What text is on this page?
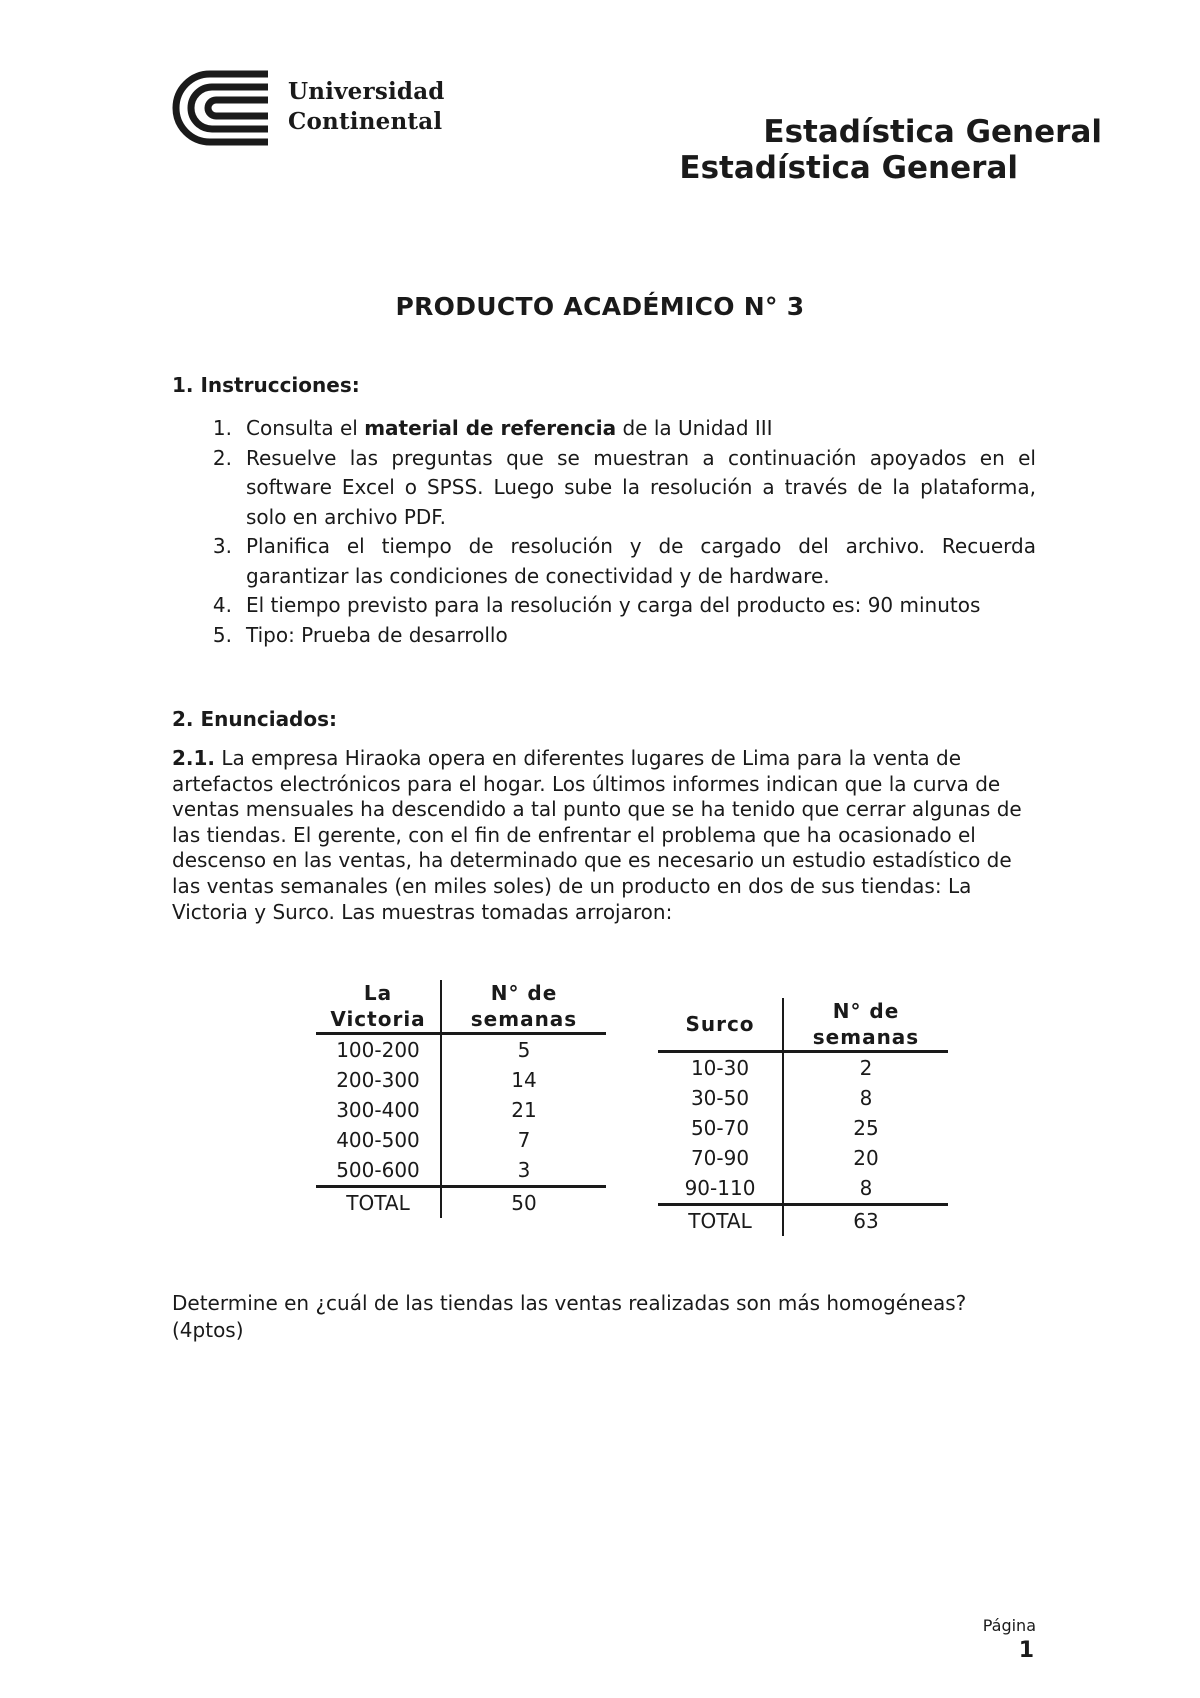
Universidad
Continental	Estadística General
Estadística General
PRODUCTO ACADÉMICO N° 3
1. Instrucciones:
1. Consulta el material de referencia de la Unidad III
2. Resuelve las preguntas que se muestran a continuación apoyados en el software Excel o SPSS. Luego sube la resolución a través de la plataforma, solo en archivo PDF.
3. Planifica el tiempo de resolución y de cargado del archivo. Recuerda garantizar las condiciones de conectividad y de hardware.
4. El tiempo previsto para la resolución y carga del producto es: 90 minutos
5. Tipo: Prueba de desarrollo
2. Enunciados:

2.1. La empresa Hiraoka opera en diferentes lugares de Lima para la venta de artefactos electrónicos para el hogar. Los últimos informes indican que la curva de ventas mensuales ha descendido a tal punto que se ha tenido que cerrar algunas de las tiendas. El gerente, con el fin de enfrentar el problema que ha ocasionado el descenso en las ventas, ha determinado que es necesario un estudio estadístico de las ventas semanales (en miles soles) de un producto en dos de sus tiendas: La Victoria y Surco. Las muestras tomadas arrojaron:

La Victoria	N° de semanas
100-200	5
200-300	14
300-400	21
400-500	7
500-600	3
TOTAL	50
Surco	N° de semanas
10-30	2
30-50	8
50-70	25
70-90	20
90-110	8
TOTAL	63

Determine en ¿cuál de las tiendas las ventas realizadas son más homogéneas? (4ptos)

Página
1
